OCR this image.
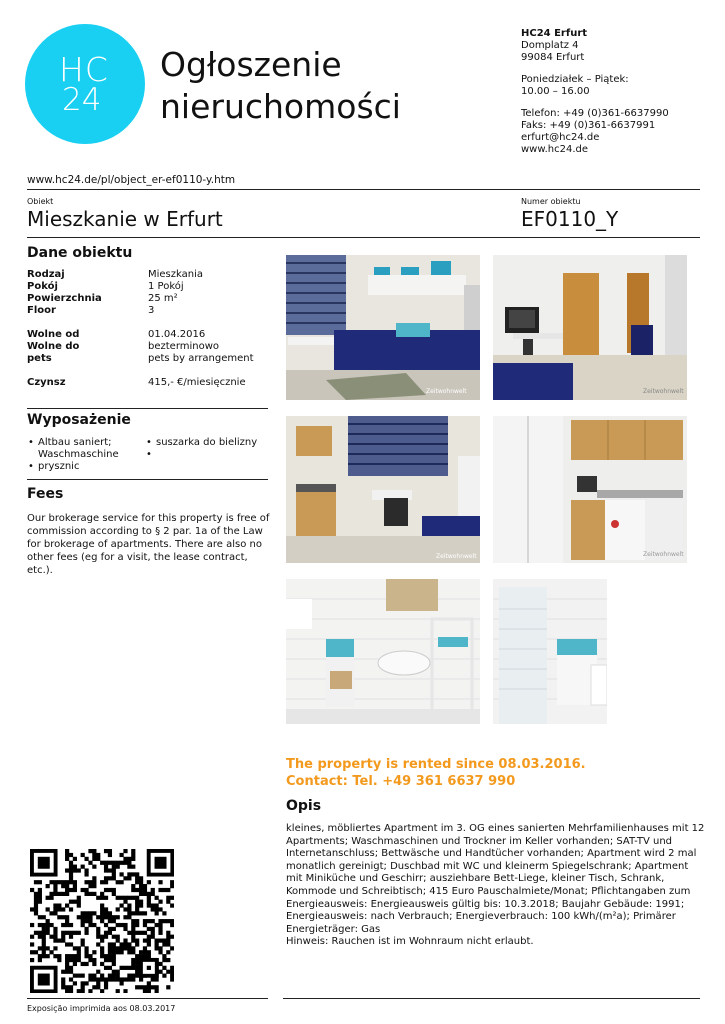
HC
24
Ogłoszenie
nieruchomości
HC24 Erfurt
Domplatz 4
99084 Erfurt
Poniedziałek – Piątek:
10.00 – 16.00
Telefon: +49 (0)361-6637990
Faks: +49 (0)361-6637991
erfurt@hc24.de
www.hc24.de
www.hc24.de/pl/object_er-ef0110-y.htm
Obiekt
Mieszkanie w Erfurt
Numer obiektu
EF0110_Y
Dane obiektu
Rodzaj	Mieszkania
Pokój	1 Pokój
Powierzchnia	25 m²
Floor	3
Wolne od	01.04.2016
Wolne do	bezterminowo
pets	pets by arrangement
Czynsz	415,- €/miesięcznie
Wyposażenie
• Altbau saniert; Waschmaschine
• prysznic
• suszarka do bielizny
Fees
Our brokerage service for this property is free of commission according to § 2 par. 1a of the Law for brokerage of apartments. There are also no other fees (eg for a visit, the lease contract, etc.).
Zeitwohnwelt	Zeitwohnwelt
Zeitwohnwelt	Zeitwohnwelt
The property is rented since 08.03.2016.
Contact: Tel. +49 361 6637 990
Opis
kleines, möbliertes Apartment im 3. OG eines sanierten Mehrfamilienhauses mit 12 Apartments; Waschmaschinen und Trockner im Keller vorhanden; SAT-TV und Internetanschluss; Bettwäsche und Handtücher vorhanden; Apartment wird 2 mal monatlich gereinigt; Duschbad mit WC und kleinerm Spiegelschrank; Apartment mit Miniküche und Geschirr; ausziehbare Bett-Liege, kleiner Tisch, Schrank, Kommode und Schreibtisch; 415 Euro Pauschalmiete/Monat; Pflichtangaben zum Energieausweis: Energieausweis gültig bis: 10.3.2018; Baujahr Gebäude: 1991; Energieausweis: nach Verbrauch; Energieverbrauch: 100 kWh/(m²a); Primärer Energieträger: Gas
Hinweis: Rauchen ist im Wohnraum nicht erlaubt.
Exposição imprimida aos 08.03.2017
